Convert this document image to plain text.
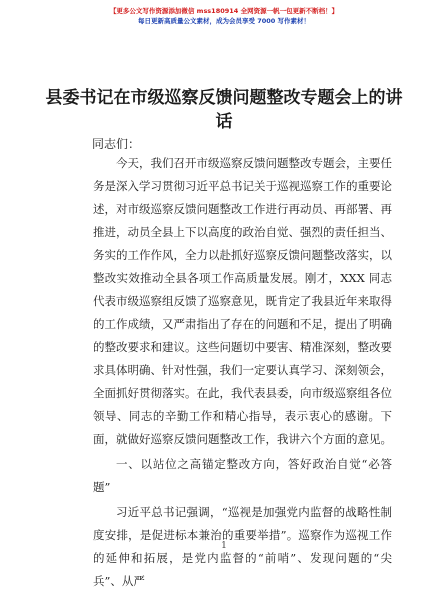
【更多公文写作资源添加微信 mss180914 全网资源一帆一包更新不断档！】
每日更新高质量公文素材，成为会员享受 7000 写作素材！
县委书记在市级巡察反馈问题整改专题会上的讲话
同志们：

今天，我们召开市级巡察反馈问题整改专题会，主要任务是深入学习贯彻习近平总书记关于巡视巡察工作的重要论述，对市级巡察反馈问题整改工作进行再动员、再部署、再推进，动员全县上下以高度的政治自觉、强烈的责任担当、务实的工作作风，全力以赴抓好巡察反馈问题整改落实，以整改实效推动全县各项工作高质量发展。刚才，XXX 同志代表市级巡察组反馈了巡察意见，既肯定了我县近年来取得的工作成绩，又严肃指出了存在的问题和不足，提出了明确的整改要求和建议。这些问题切中要害、精准深刻，整改要求具体明确、针对性强，我们一定要认真学习、深刻领会，全面抓好贯彻落实。在此，我代表县委，向市级巡察组各位领导、同志的辛勤工作和精心指导，表示衷心的感谢。下面，就做好巡察反馈问题整改工作，我讲六个方面的意见。

一、以站位之高锚定整改方向，答好政治自觉“必答题”

习近平总书记强调，“巡视是加强党内监督的战略性制度安排，是促进标本兼治的重要举措”。巡察作为巡视工作的延伸和拓展，是党内监督的“前哨”、发现问题的“尖兵”、从严

1
